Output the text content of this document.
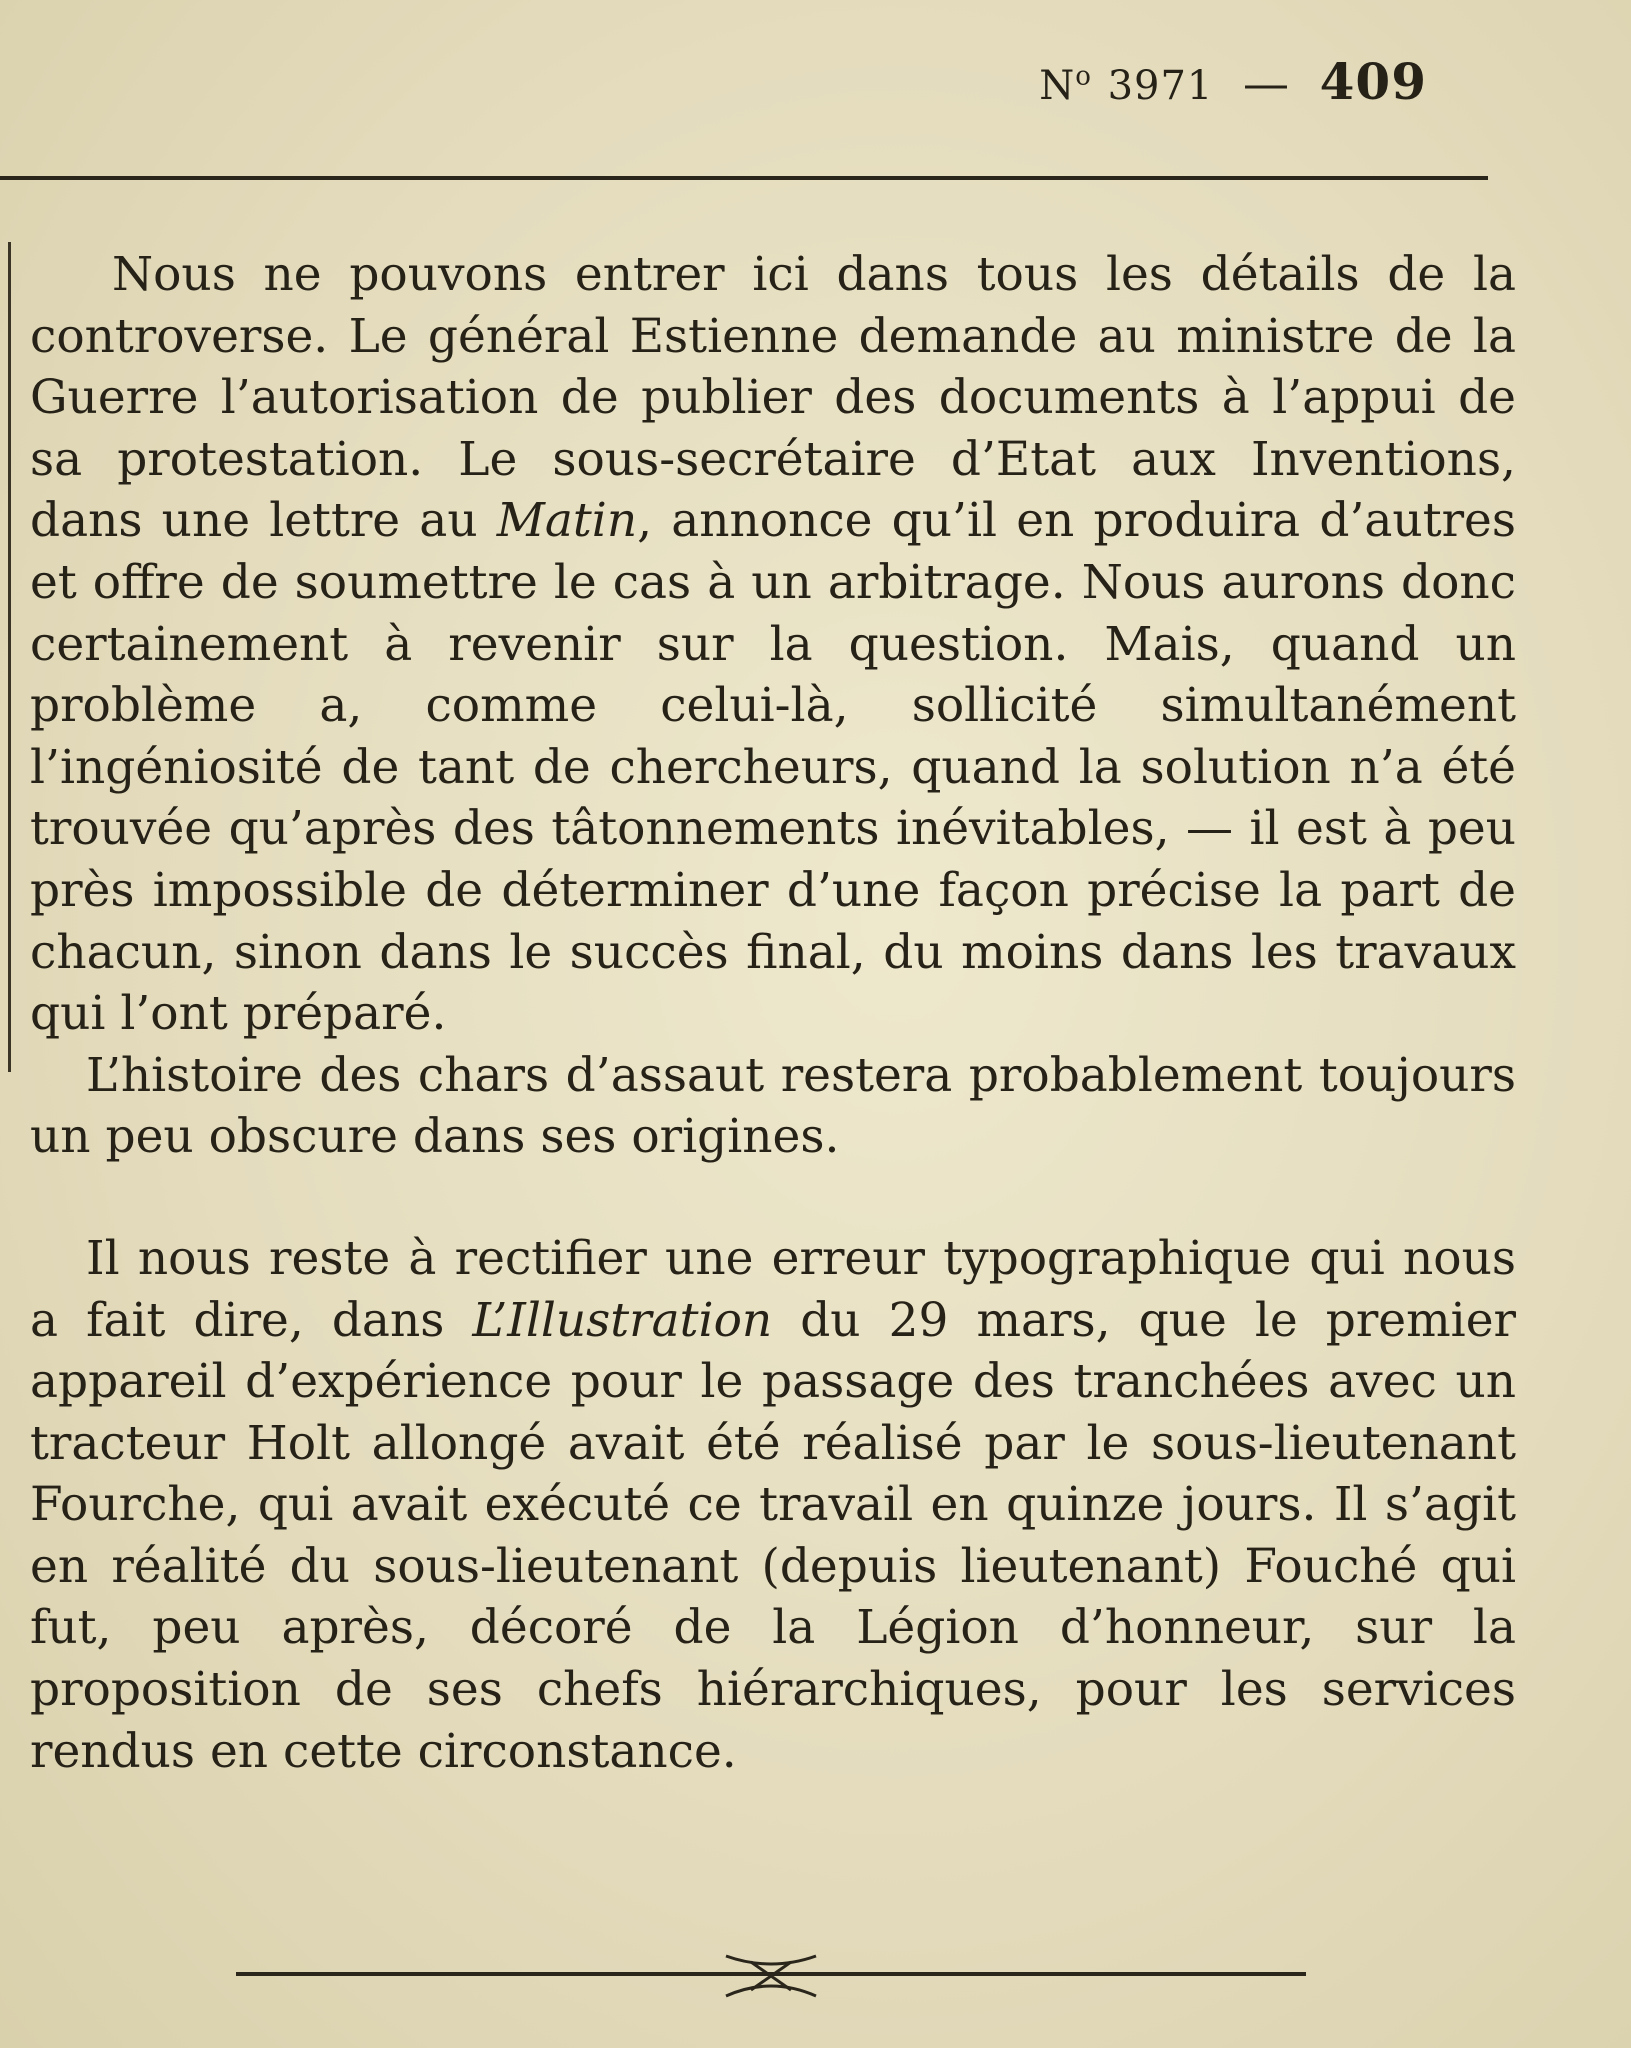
$N^o$ 3971 — 409

Nous ne pouvons entrer ici dans tous les détails de la controverse. Le général Estienne demande au ministre de la Guerre l’autorisation de publier des documents à l’appui de sa protestation. Le sous-secrétaire d’Etat aux Inventions, dans une lettre au Matin, annonce qu’il en produira d’autres et offre de soumettre le cas à un arbitrage. Nous aurons donc certainement à revenir sur la question. Mais, quand un problème a, comme celui-là, sollicité simultanément l’ingéniosité de tant de chercheurs, quand la solution n’a été trouvée qu’après des tâtonnements inévitables, — il est à peu près impossible de déterminer d’une façon précise la part de chacun, sinon dans le succès final, du moins dans les travaux qui l’ont préparé.

L’histoire des chars d’assaut restera probablement toujours un peu obscure dans ses origines.

Il nous reste à rectifier une erreur typographique qui nous a fait dire, dans L’Illustration du 29 mars, que le premier appareil d’expérience pour le passage des tranchées avec un tracteur Holt allongé avait été réalisé par le sous-lieutenant Fourche, qui avait exécuté ce travail en quinze jours. Il s’agit en réalité du sous-lieutenant (depuis lieutenant) Fouché qui fut, peu après, décoré de la Légion d’honneur, sur la proposition de ses chefs hiérarchiques, pour les services rendus en cette circonstance.
